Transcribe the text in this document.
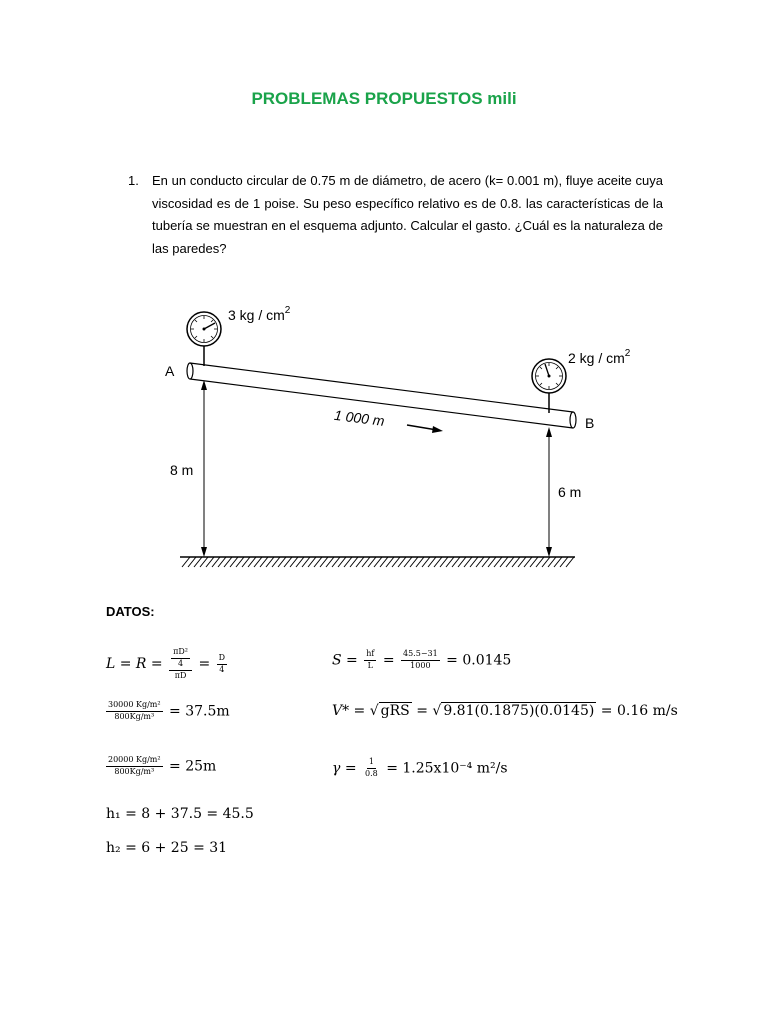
PROBLEMAS PROPUESTOS mili
1. En un conducto circular de 0.75 m de diámetro, de acero (k= 0.001 m), fluye aceite cuya viscosidad es de 1 poise. Su peso específico relativo es de 0.8. las características de la tubería se muestran en el esquema adjunto. Calcular el gasto. ¿Cuál es la naturaleza de las paredes?
3 kg / $cm^2$
2 kg / $cm^2$
A
B
1 000 m
8 m
6 m
DATOS:
$L = R = \frac{\frac{\text{πD²}}{4}}{\pi D} = \frac{D}{4}$
$\frac{\text{30000 Kg/m²}}{\text{800Kg/m³}} = 37.5m$
$\frac{\text{20000 Kg/m²}}{\text{800Kg/m³}} = 25m$
h₁ = 8 + 37.5 = 45.5
h₂ = 6 + 25 = 31
$S = \frac{hf}{L} = \frac{45.5-31}{1000} = 0.0145$
V* = √ gRS = √ 9.81(0.1875)(0.0145) = 0.16 m/s
$\gamma = \frac{1}{0.8} = 1.25x10^{-4}$ m²/s
